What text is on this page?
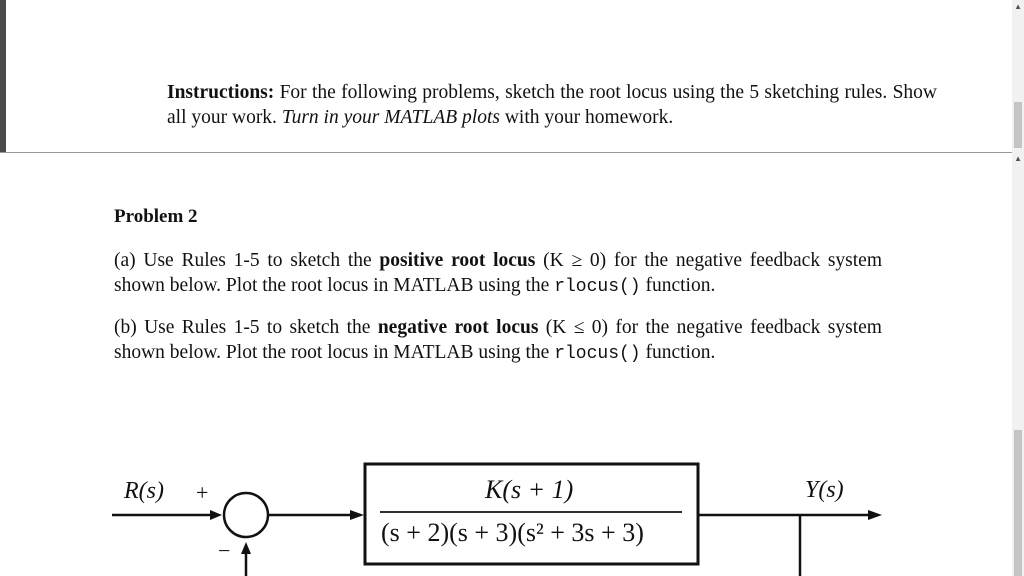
Instructions: For the following problems, sketch the root locus using the 5 sketching rules. Show all your work. Turn in your MATLAB plots with your homework.
Problem 2
(a) Use Rules 1-5 to sketch the positive root locus (K ≥ 0) for the negative feedback system shown below. Plot the root locus in MATLAB using the rlocus() function.
(b) Use Rules 1-5 to sketch the negative root locus (K ≤ 0) for the negative feedback system shown below. Plot the root locus in MATLAB using the rlocus() function.
R(s) +
−
K(s + 1)
(s + 2)(s + 3)(s² + 3s + 3)
Y(s)
▲
▲
